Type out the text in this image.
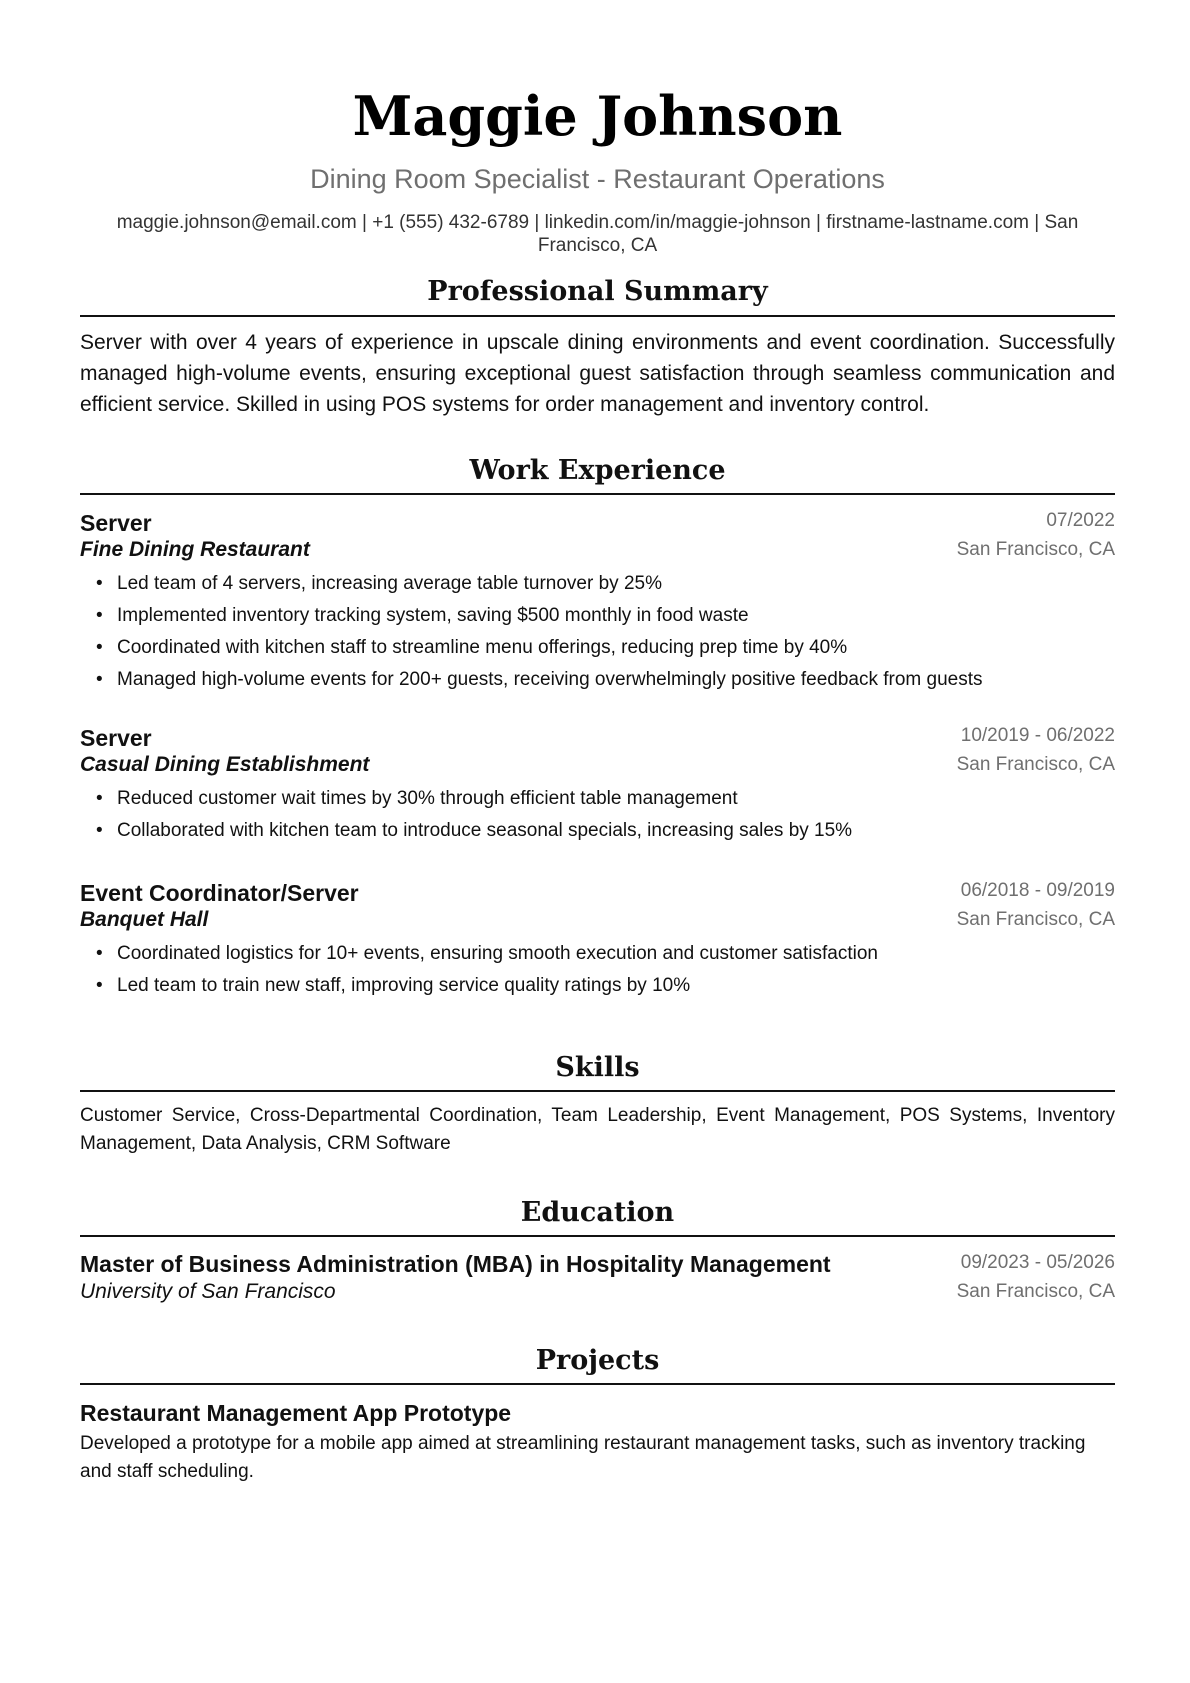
Maggie Johnson
Dining Room Specialist - Restaurant Operations
maggie.johnson@email.com | +1 (555) 432-6789 | linkedin.com/in/maggie-johnson | firstname-lastname.com | San Francisco, CA
Professional Summary
Server with over 4 years of experience in upscale dining environments and event coordination. Successfully managed high-volume events, ensuring exceptional guest satisfaction through seamless communication and efficient service. Skilled in using POS systems for order management and inventory control.
Work Experience
Server	07/2022
Fine Dining Restaurant	San Francisco, CA
• Led team of 4 servers, increasing average table turnover by 25%
• Implemented inventory tracking system, saving $500 monthly in food waste
• Coordinated with kitchen staff to streamline menu offerings, reducing prep time by 40%
• Managed high-volume events for 200+ guests, receiving overwhelmingly positive feedback from guests
Server	10/2019 - 06/2022
Casual Dining Establishment	San Francisco, CA
• Reduced customer wait times by 30% through efficient table management
• Collaborated with kitchen team to introduce seasonal specials, increasing sales by 15%
Event Coordinator/Server	06/2018 - 09/2019
Banquet Hall	San Francisco, CA
• Coordinated logistics for 10+ events, ensuring smooth execution and customer satisfaction
• Led team to train new staff, improving service quality ratings by 10%
Skills
Customer Service, Cross-Departmental Coordination, Team Leadership, Event Management, POS Systems, Inventory Management, Data Analysis, CRM Software
Education
Master of Business Administration (MBA) in Hospitality Management	09/2023 - 05/2026
University of San Francisco	San Francisco, CA
Projects
Restaurant Management App Prototype
Developed a prototype for a mobile app aimed at streamlining restaurant management tasks, such as inventory tracking and staff scheduling.
